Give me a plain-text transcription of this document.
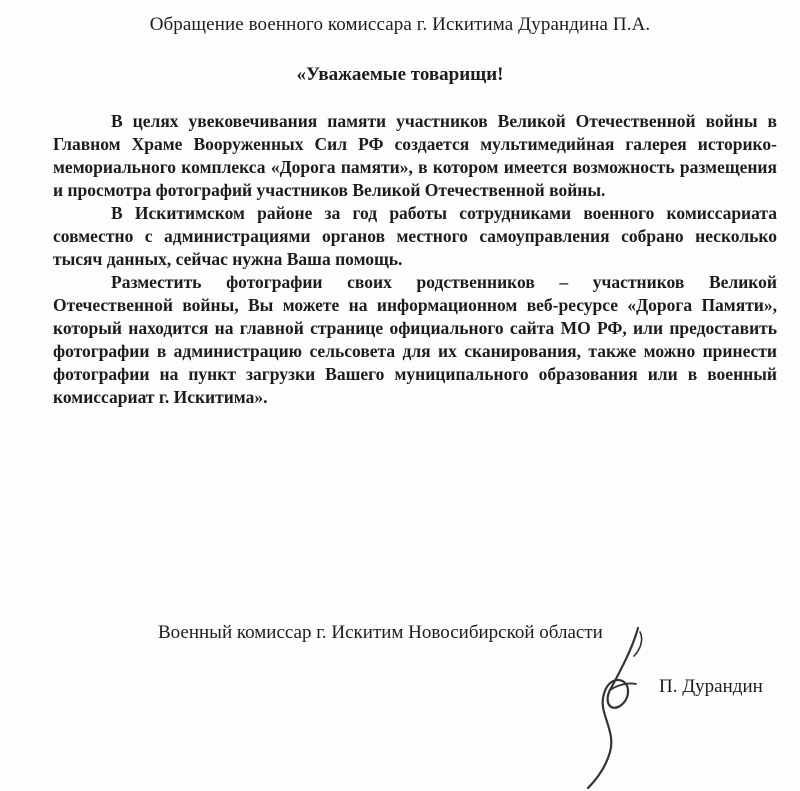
Обращение военного комиссара г. Искитима Дурандина П.А.
«Уважаемые товарищи!

В целях увековечивания памяти участников Великой Отечественной войны в Главном Храме Вооруженных Сил РФ создается мультимедийная галерея историко-мемориального комплекса «Дорога памяти», в котором имеется возможность размещения и просмотра фотографий участников Великой Отечественной войны.

В Искитимском районе за год работы сотрудниками военного комиссариата совместно с администрациями органов местного самоуправления собрано несколько тысяч данных, сейчас нужна Ваша помощь.

Разместить фотографии своих родственников – участников Великой Отечественной войны, Вы можете на информационном веб-ресурсе «Дорога Памяти», который находится на главной странице официального сайта МО РФ, или предоставить фотографии в администрацию сельсовета для их сканирования, также можно принести фотографии на пункт загрузки Вашего муниципального образования или в военный комиссариат г. Искитима».

Военный комиссар г. Искитим Новосибирской области
П. Дурандин
